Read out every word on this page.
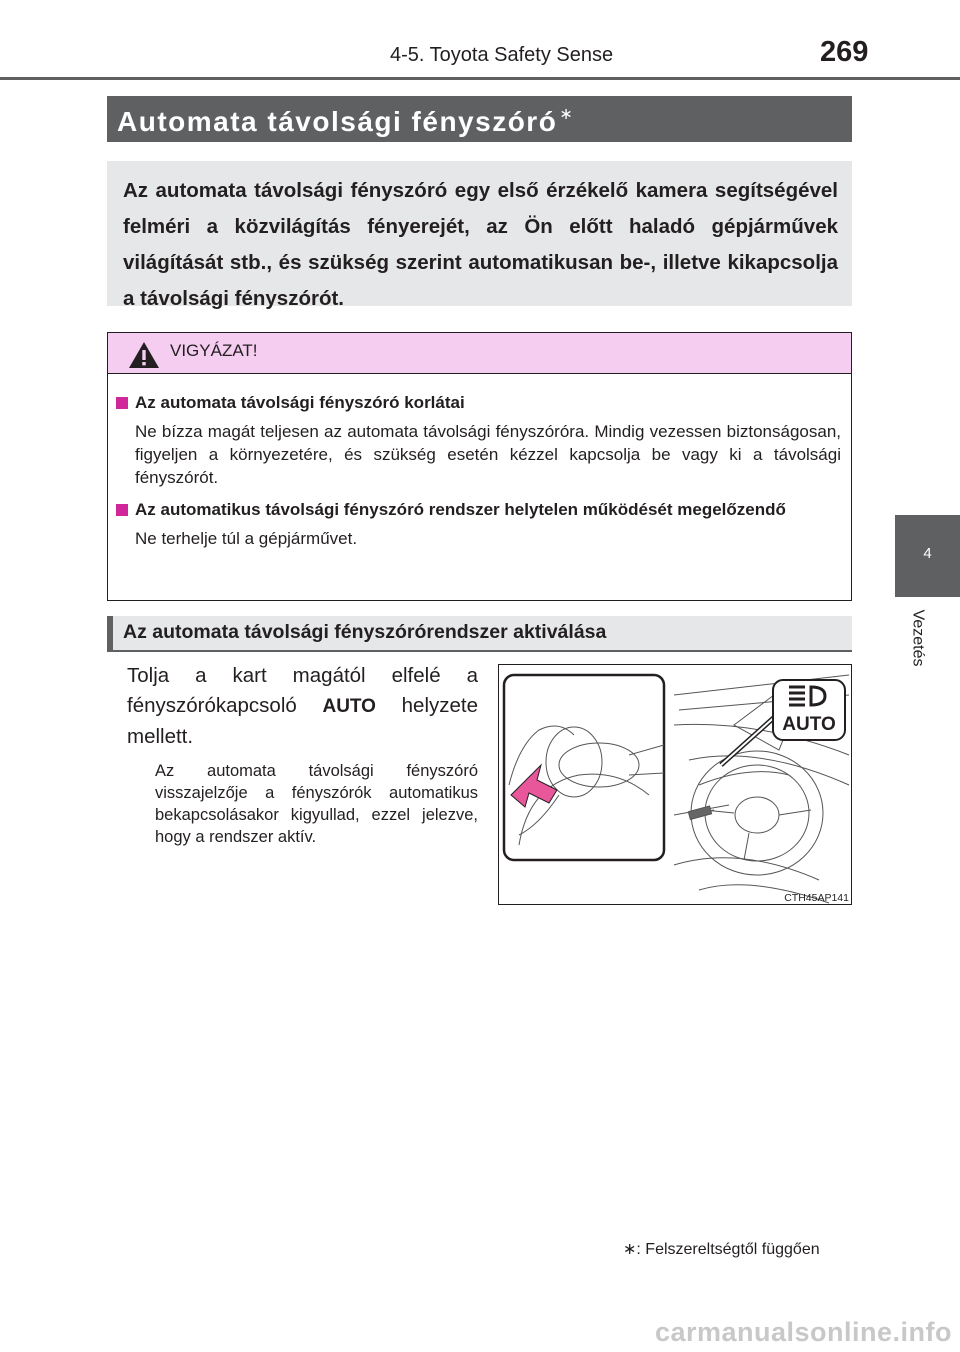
4-5. Toyota Safety Sense	269
4
Vezetés
Automata távolsági fényszóró ∗
Az automata távolsági fényszóró egy első érzékelő kamera segítségével felméri a közvilágítás fényerejét, az Ön előtt haladó gépjárművek világítását stb., és szükség szerint automatikusan be-, illetve kikapcsolja a távolsági fényszórót.
VIGYÁZAT!
Az automata távolsági fényszóró korlátai
Ne bízza magát teljesen az automata távolsági fényszóróra. Mindig vezessen biztonságosan, figyeljen a környezetére, és szükség esetén kézzel kapcsolja be vagy ki a távolsági fényszórót.
Az automatikus távolsági fényszóró rendszer helytelen működését megelőzendő
Ne terhelje túl a gépjárművet.
Az automata távolsági fényszórórendszer aktiválása
Tolja a kart magától elfelé a fényszórókapcsoló AUTO helyzete mellett.
Az automata távolsági fényszóró visszajelzője a fényszórók automatikus bekapcsolásakor kigyullad, ezzel jelezve, hogy a rendszer aktív.
AUTO
CTH45AP141
∗: Felszereltségtől függően
carmanualsonline.info
